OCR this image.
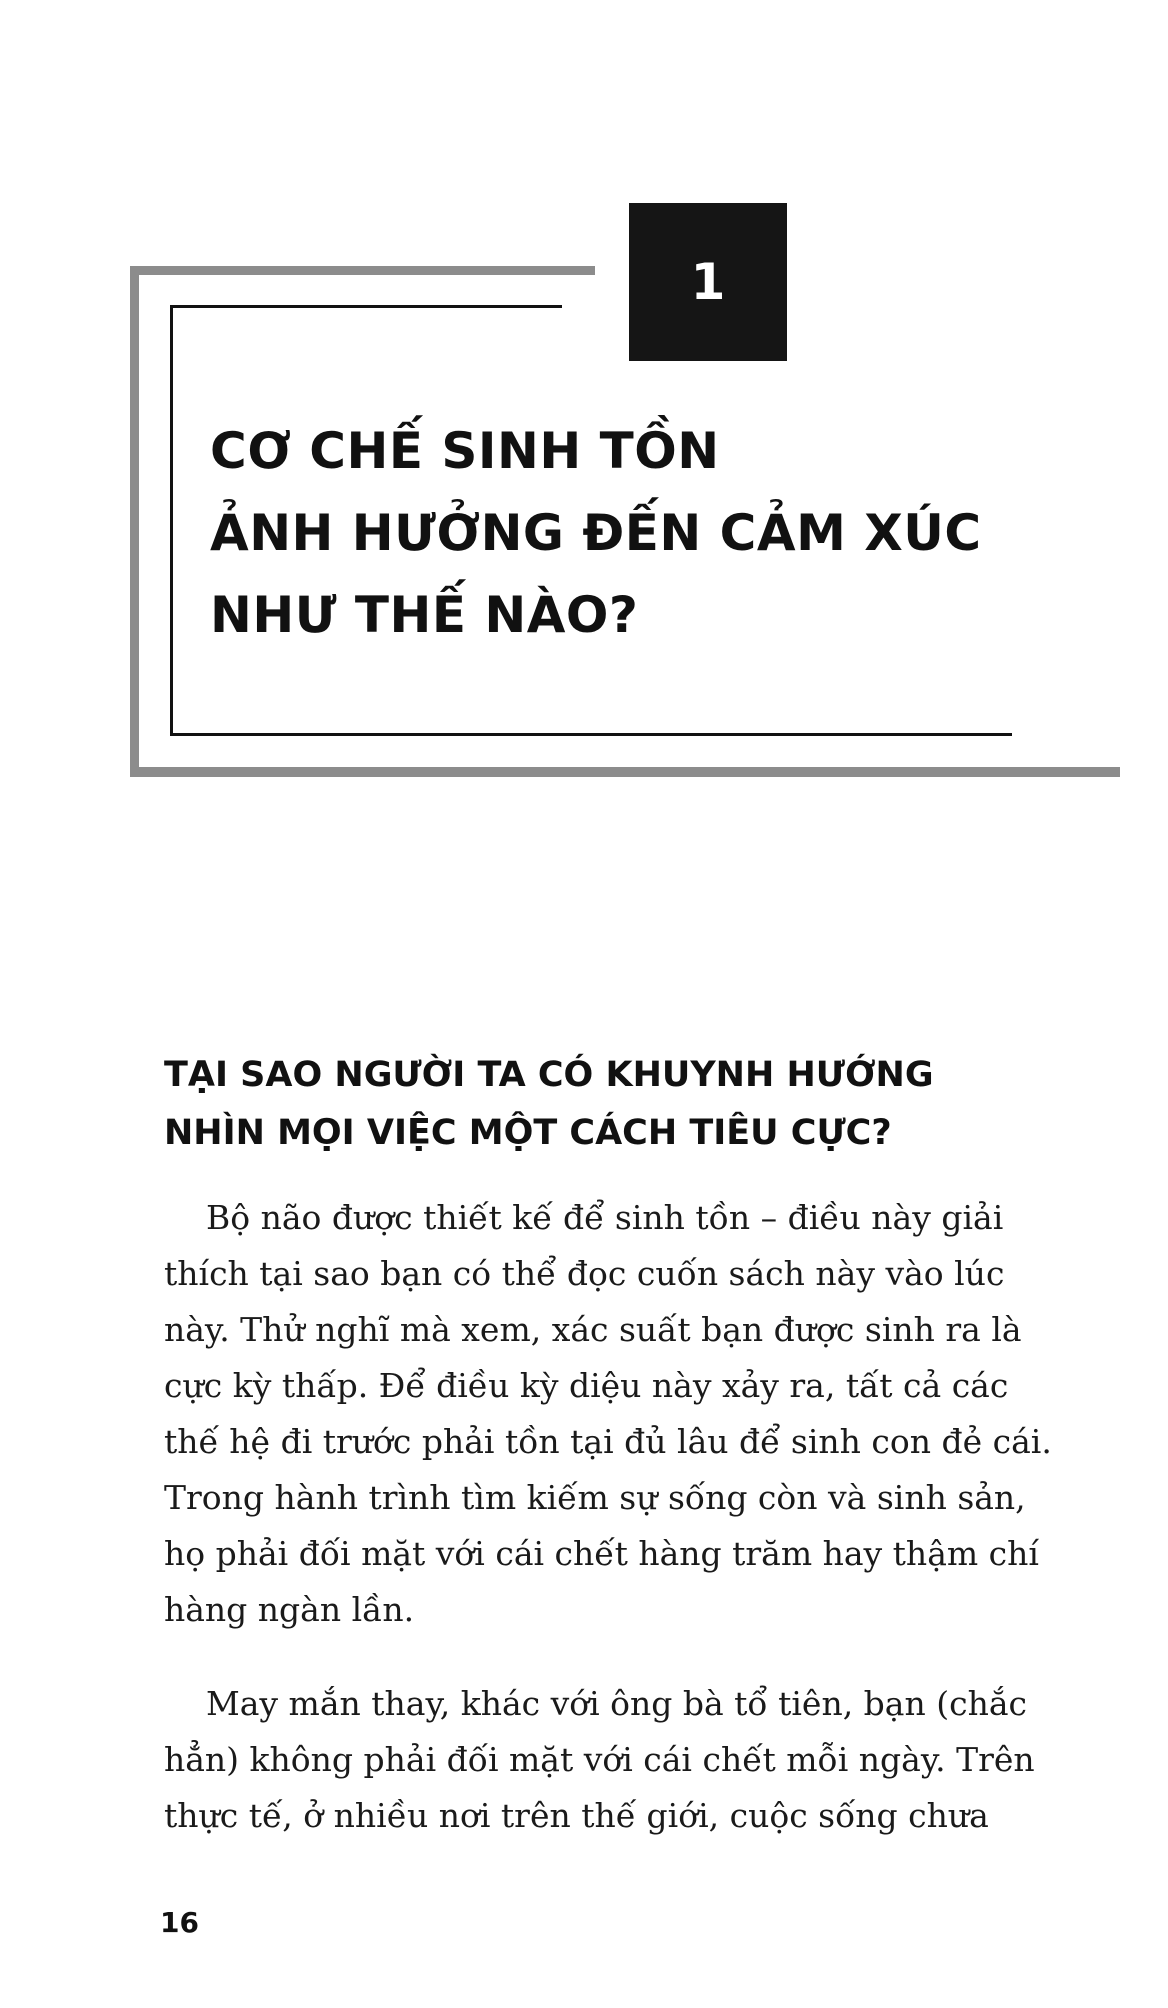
1
CƠ CHẾ SINH TỒN
ẢNH HƯỞNG ĐẾN CẢM XÚC
NHƯ THẾ NÀO?
TẠI SAO NGƯỜI TA CÓ KHUYNH HƯỚNG
NHÌN MỌI VIỆC MỘT CÁCH TIÊU CỰC?

Bộ não được thiết kế để sinh tồn – điều này giải
thích tại sao bạn có thể đọc cuốn sách này vào lúc
này. Thử nghĩ mà xem, xác suất bạn được sinh ra là
cực kỳ thấp. Để điều kỳ diệu này xảy ra, tất cả các
thế hệ đi trước phải tồn tại đủ lâu để sinh con đẻ cái.
Trong hành trình tìm kiếm sự sống còn và sinh sản,
họ phải đối mặt với cái chết hàng trăm hay thậm chí
hàng ngàn lần.

May mắn thay, khác với ông bà tổ tiên, bạn (chắc
hẳn) không phải đối mặt với cái chết mỗi ngày. Trên
thực tế, ở nhiều nơi trên thế giới, cuộc sống chưa

16
